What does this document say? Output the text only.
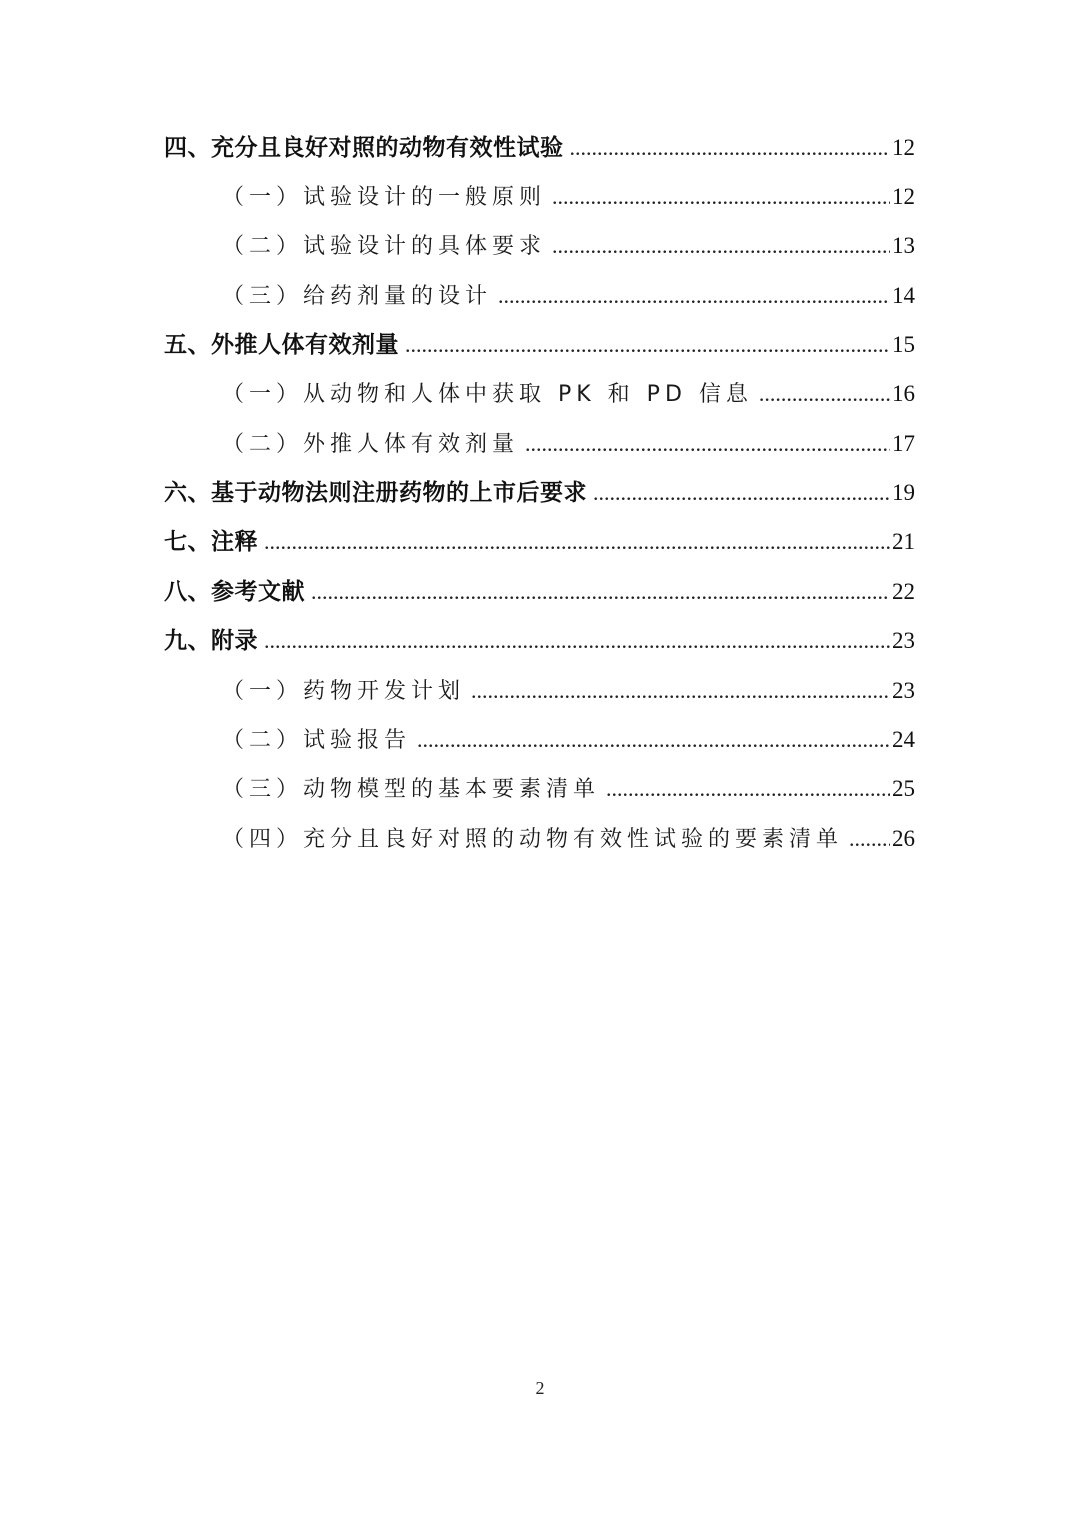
四、充分且良好对照的动物有效性试验 .....	12
（一）试验设计的一般原则 .....	12
（二）试验设计的具体要求 .....	13
（三）给药剂量的设计 .....	14
五、外推人体有效剂量 .....	15
（一）从动物和人体中获取 PK 和 PD 信息 .....	16
（二）外推人体有效剂量 .....	17
六、基于动物法则注册药物的上市后要求 .....	19
七、注释 .....	21
八、参考文献 .....	22
九、附录 .....	23
（一）药物开发计划 .....	23
（二）试验报告 .....	24
（三）动物模型的基本要素清单 .....	25
（四）充分且良好对照的动物有效性试验的要素清单 ..... 26
2
